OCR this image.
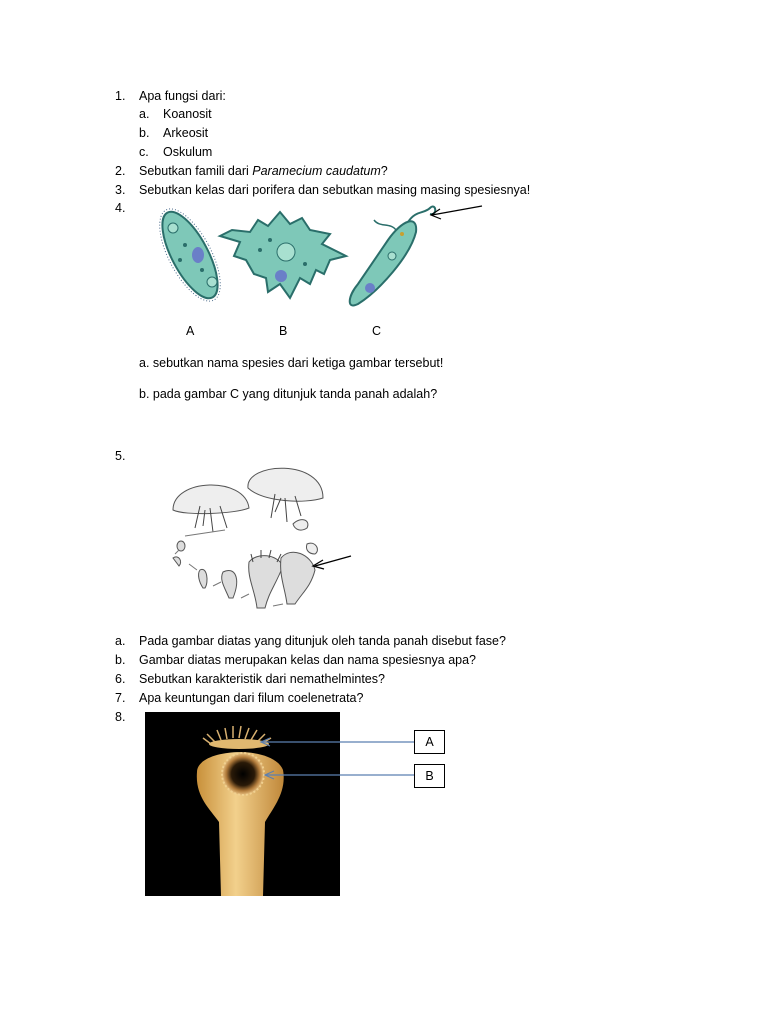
1. Apa fungsi dari:
a. Koanosit
b. Arkeosit
c. Oskulum
2. Sebutkan famili dari Paramecium caudatum?
3. Sebutkan kelas dari porifera dan sebutkan masing masing spesiesnya!
4.
A	B	C
a. sebutkan nama spesies dari ketiga gambar tersebut!
b. pada gambar C yang ditunjuk tanda panah adalah?
5.
a. Pada gambar diatas yang ditunjuk oleh tanda panah disebut fase?
b. Gambar diatas merupakan kelas dan nama spesiesnya apa?
6. Sebutkan karakteristik dari nemathelmintes?
7. Apa keuntungan dari filum coelenetrata?
8.
A
B
